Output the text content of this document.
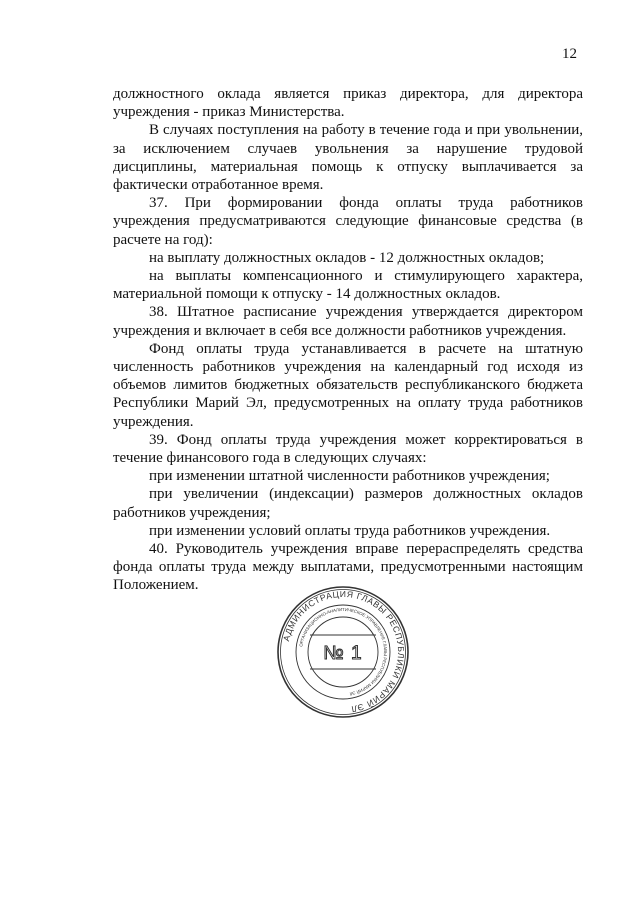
12

должностного оклада является приказ директора, для директора учреждения - приказ Министерства.

В случаях поступления на работу в течение года и при увольнении, за исключением случаев увольнения за нарушение трудовой дисциплины, материальная помощь к отпуску выплачивается за фактически отработанное время.

37. При формировании фонда оплаты труда работников учреждения предусматриваются следующие финансовые средства (в расчете на год):

на выплату должностных окладов - 12 должностных окладов;

на выплаты компенсационного и стимулирующего характера, материальной помощи к отпуску - 14 должностных окладов.

38. Штатное расписание учреждения утверждается директором учреждения и включает в себя все должности работников учреждения.

Фонд оплаты труда устанавливается в расчете на штатную численность работников учреждения на календарный год исходя из объемов лимитов бюджетных обязательств республиканского бюджета Республики Марий Эл, предусмотренных на оплату труда работников учреждения.

39. Фонд оплаты труда учреждения может корректироваться в течение финансового года в следующих случаях:

при изменении штатной численности работников учреждения;

при увеличении (индексации) размеров должностных окладов работников учреждения;

при изменении условий оплаты труда работников учреждения.

40. Руководитель учреждения вправе перераспределять средства фонда оплаты труда между выплатами, предусмотренными настоящим Положением.

АДМИНИСТРАЦИЯ ГЛАВЫ РЕСПУБЛИКИ МАРИЙ ЭЛ
ОРГАНИЗАЦИОННО-АНАЛИТИЧЕСКОЕ УПРАВЛЕНИЕ ГЛАВЫ РЕСПУБЛИКИ МАРИЙ ЭЛ
№ 1
